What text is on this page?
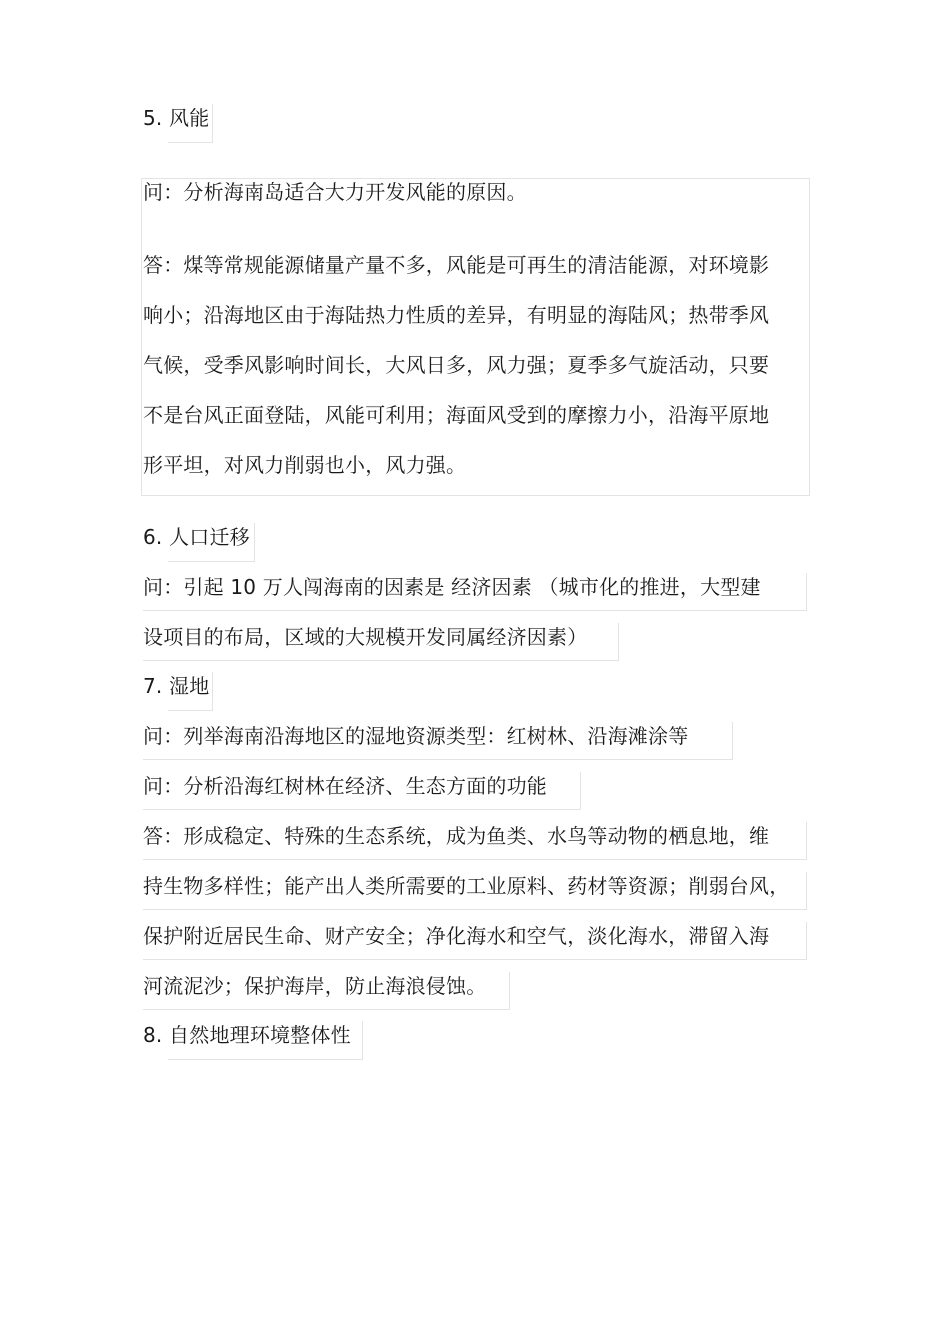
5. 风能
问：分析海南岛适合大力开发风能的原因。
答：煤等常规能源储量产量不多，风能是可再生的清洁能源，对环境影
响小；沿海地区由于海陆热力性质的差异，有明显的海陆风；热带季风
气候，受季风影响时间长，大风日多，风力强；夏季多气旋活动，只要
不是台风正面登陆，风能可利用；海面风受到的摩擦力小，沿海平原地
形平坦，对风力削弱也小，风力强。
6. 人口迁移
问：引起 10 万人闯海南的因素是 经济因素 （城市化的推进，大型建
设项目的布局，区域的大规模开发同属经济因素）
7. 湿地
问：列举海南沿海地区的湿地资源类型：红树林、沿海滩涂等
问：分析沿海红树林在经济、生态方面的功能
答：形成稳定、特殊的生态系统，成为鱼类、水鸟等动物的栖息地，维
持生物多样性；能产出人类所需要的工业原料、药材等资源；削弱台风，
保护附近居民生命、财产安全；净化海水和空气，淡化海水，滞留入海
河流泥沙；保护海岸，防止海浪侵蚀。
8. 自然地理环境整体性
